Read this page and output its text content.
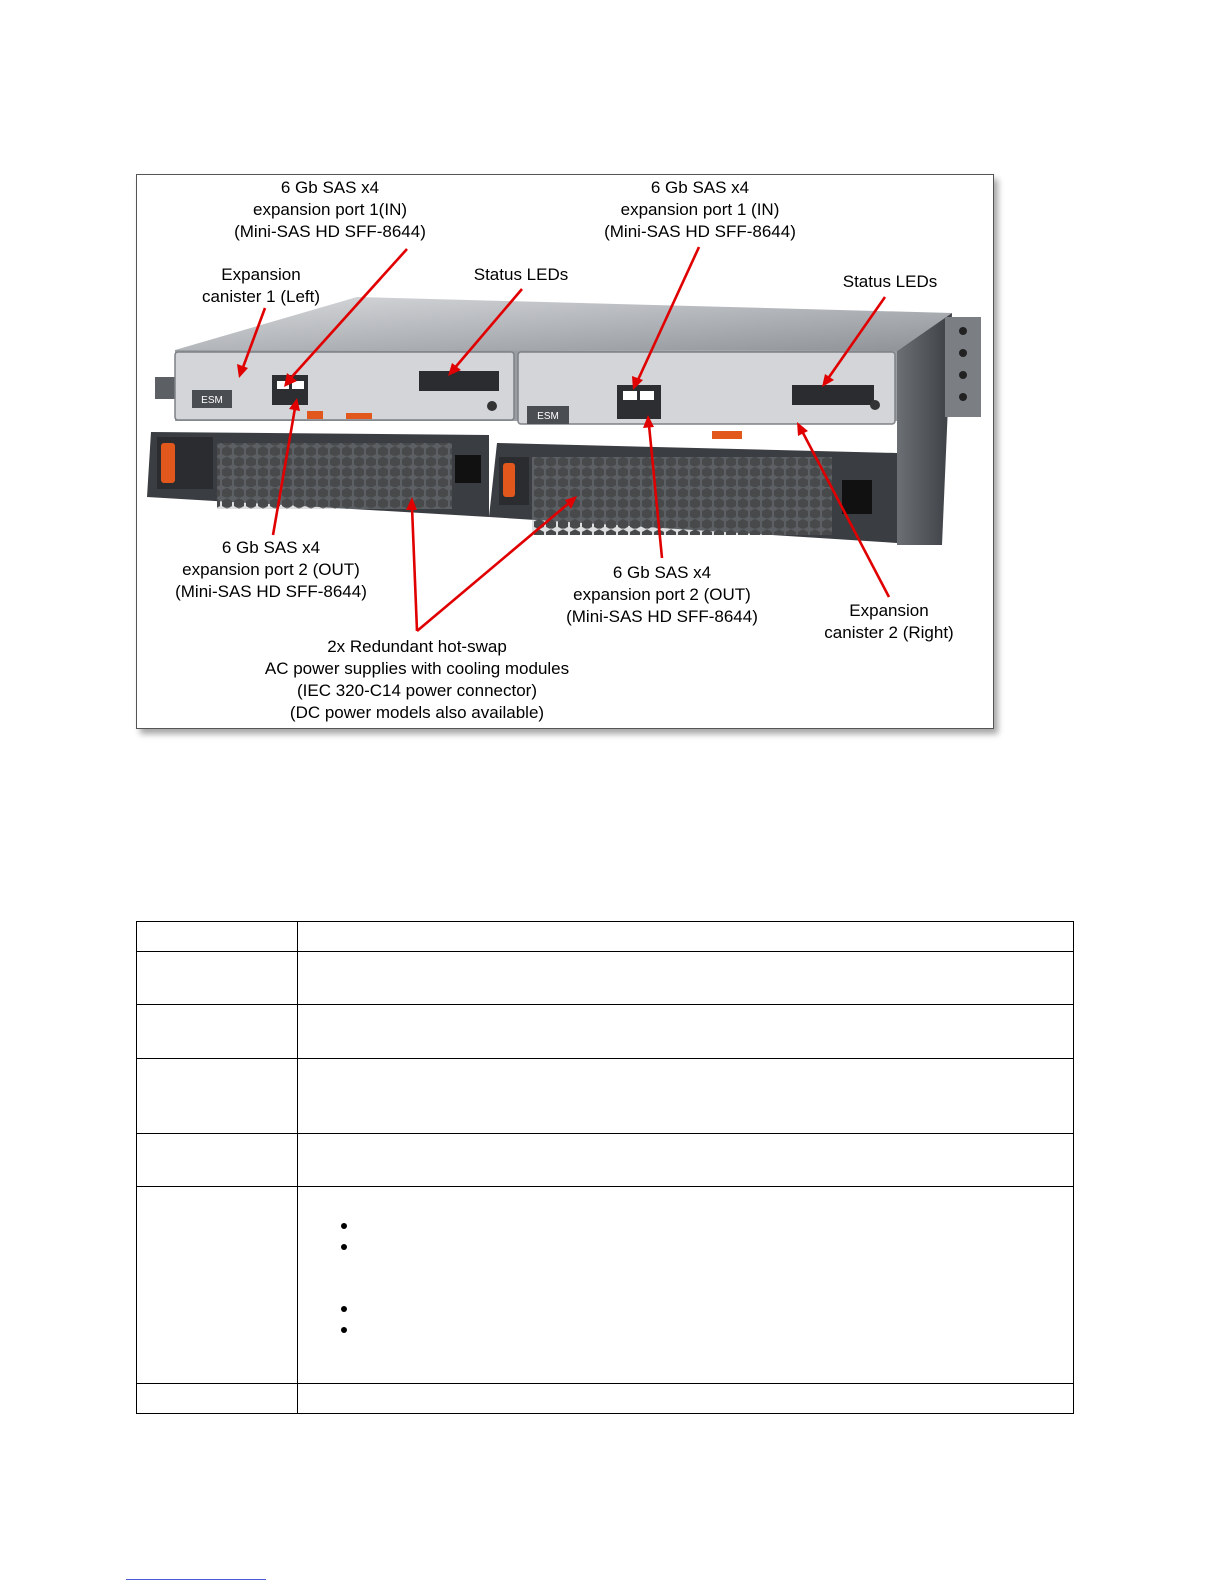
ESM
ESM
6 Gb SAS x4
expansion port 1(IN)
(Mini-SAS HD SFF-8644)
6 Gb SAS x4
expansion port 1 (IN)
(Mini-SAS HD SFF-8644)
Expansion
canister 1 (Left)
Status LEDs	Status LEDs
6 Gb SAS x4
expansion port 2 (OUT)
(Mini-SAS HD SFF-8644)
6 Gb SAS x4
expansion port 2 (OUT)
(Mini-SAS HD SFF-8644)	Expansion
canister 2 (Right)
2x Redundant hot-swap
AC power supplies with cooling modules
(IEC 320-C14 power connector)
(DC power models also available)
